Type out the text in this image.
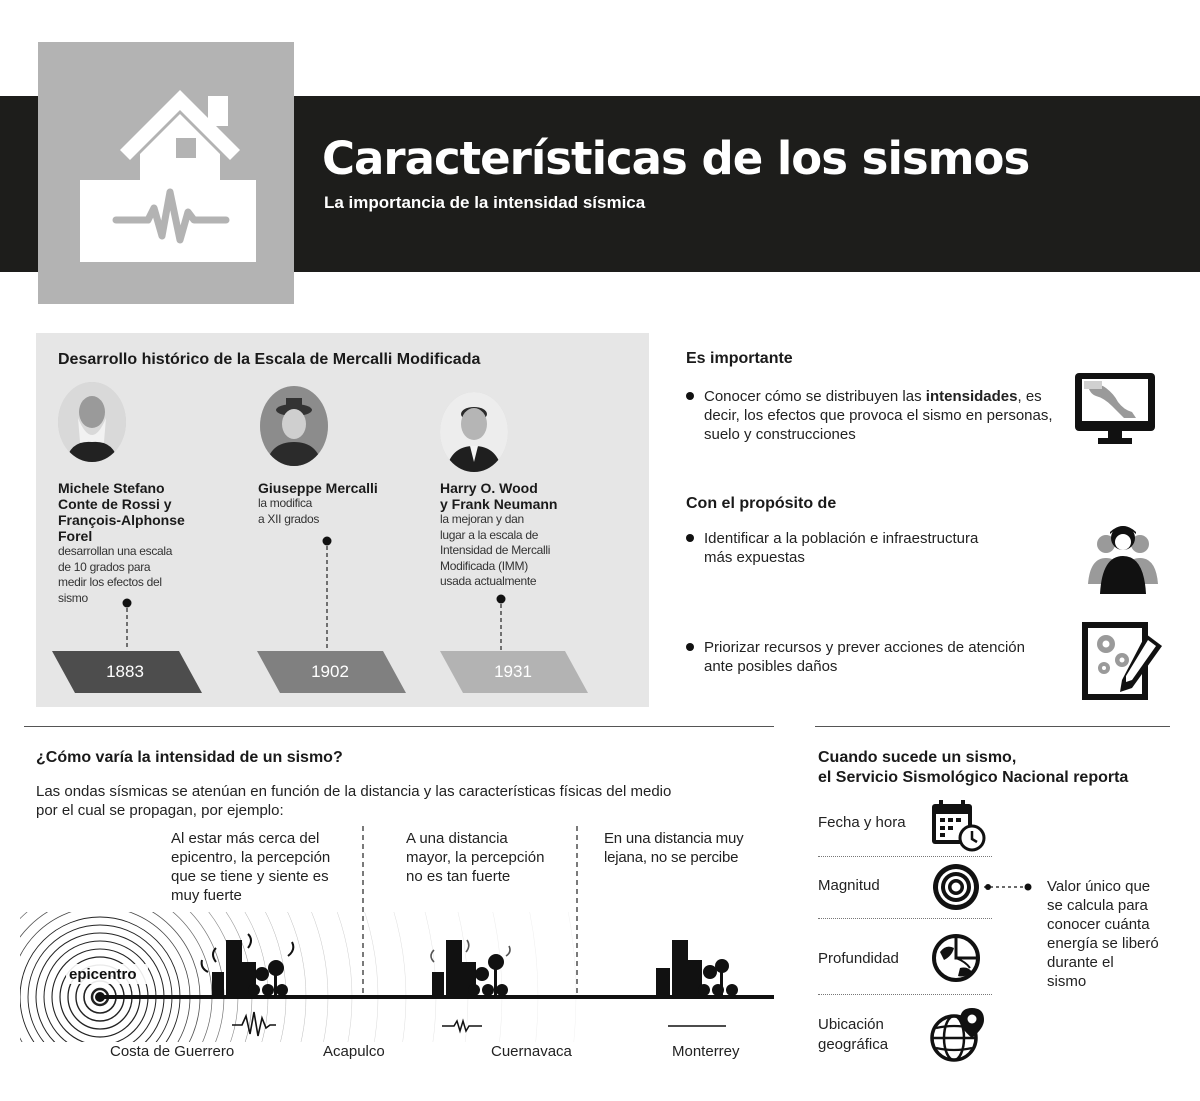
Características de los sismos
La importancia de la intensidad sísmica
Desarrollo histórico de la Escala de Mercalli Modificada
Michele Stefano
Conte de Rossi y
François-Alphonse
Forel
desarrollan una escala
de 10 grados para
medir los efectos del
sismo
Giuseppe Mercalli
la modifica
a XII grados
Harry O. Wood
y Frank Neumann
la mejoran y dan
lugar a la escala de
Intensidad de Mercalli
Modificada (IMM)
usada actualmente
1883	1902	1931
Es importante
Conocer cómo se distribuyen las intensidades, es
decir, los efectos que provoca el sismo en personas,
suelo y construcciones
Con el propósito de
Identificar a la población e infraestructura
más expuestas
Priorizar recursos y prever acciones de atención
ante posibles daños
¿Cómo varía la intensidad de un sismo?
Las ondas sísmicas se atenúan en función de la distancia y las características físicas del medio
por el cual se propagan, por ejemplo:
Al estar más cerca del
epicentro, la percepción
que se tiene y siente es
muy fuerte
A una distancia
mayor, la percepción
no es tan fuerte
En una distancia muy
lejana, no se percibe
epicentro
Costa de Guerrero	Acapulco	Cuernavaca	Monterrey
Cuando sucede un sismo,
el Servicio Sismológico Nacional reporta
Fecha y hora
Magnitud	Valor único que
se calcula para
conocer cuánta
energía se liberó
durante el
sismo
Profundidad
Ubicación
geográfica
